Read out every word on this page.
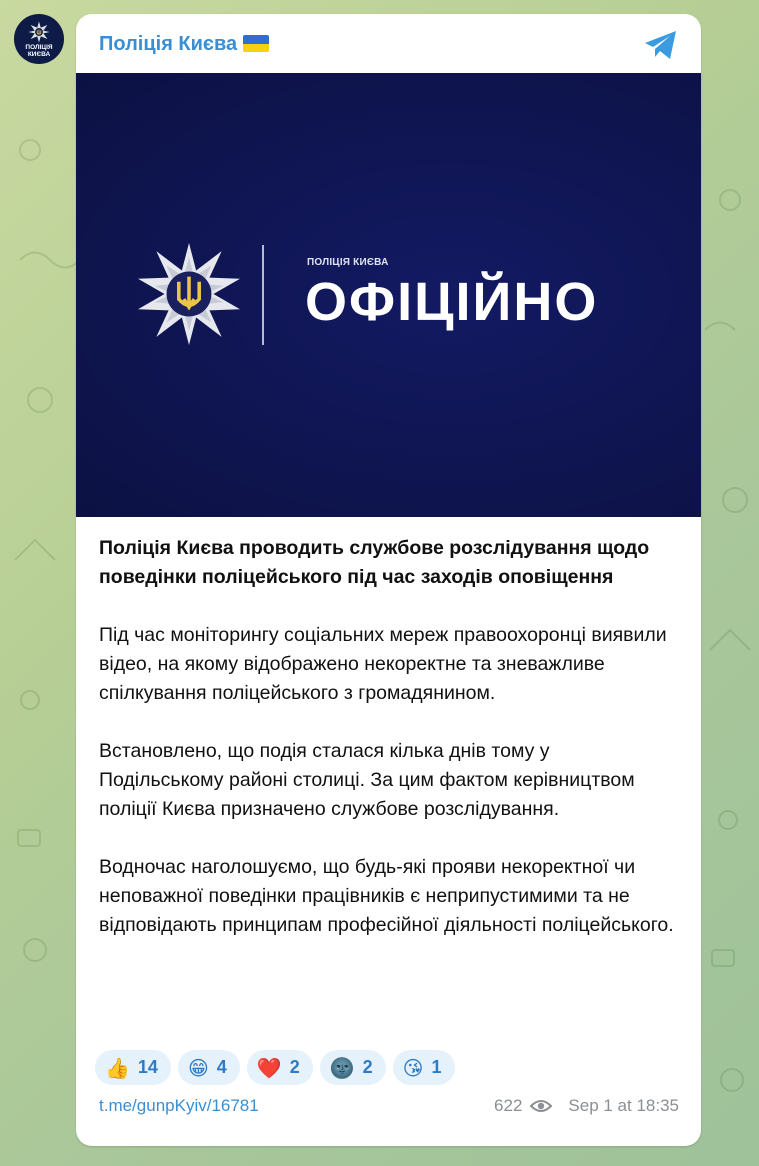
ПОЛІЦІЯ
КИЄВА Поліція Києва
ПОЛІЦІЯ КИЄВА
ОФІЦІЙНО

Поліція Києва проводить службове розслідування щодо поведінки поліцейського під час заходів оповіщення

Під час моніторингу соціальних мереж правоохоронці виявили відео, на якому відображено некоректне та зневажливе спілкування поліцейського з громадянином.

Встановлено, що подія сталася кілька днів тому у Подільському районі столиці. За цим фактом керівництвом поліції Києва призначено службове розслідування.

Водночас наголошуємо, що будь-які прояви некоректної чи неповажної поведінки працівників є неприпустимими та не відповідають принципам професійної діяльності поліцейського.

👍 14 😁 4 ❤️ 2 🌚 2 😘 1
t.me/gunpKyiv/16781	622	Sep 1 at 18:35
